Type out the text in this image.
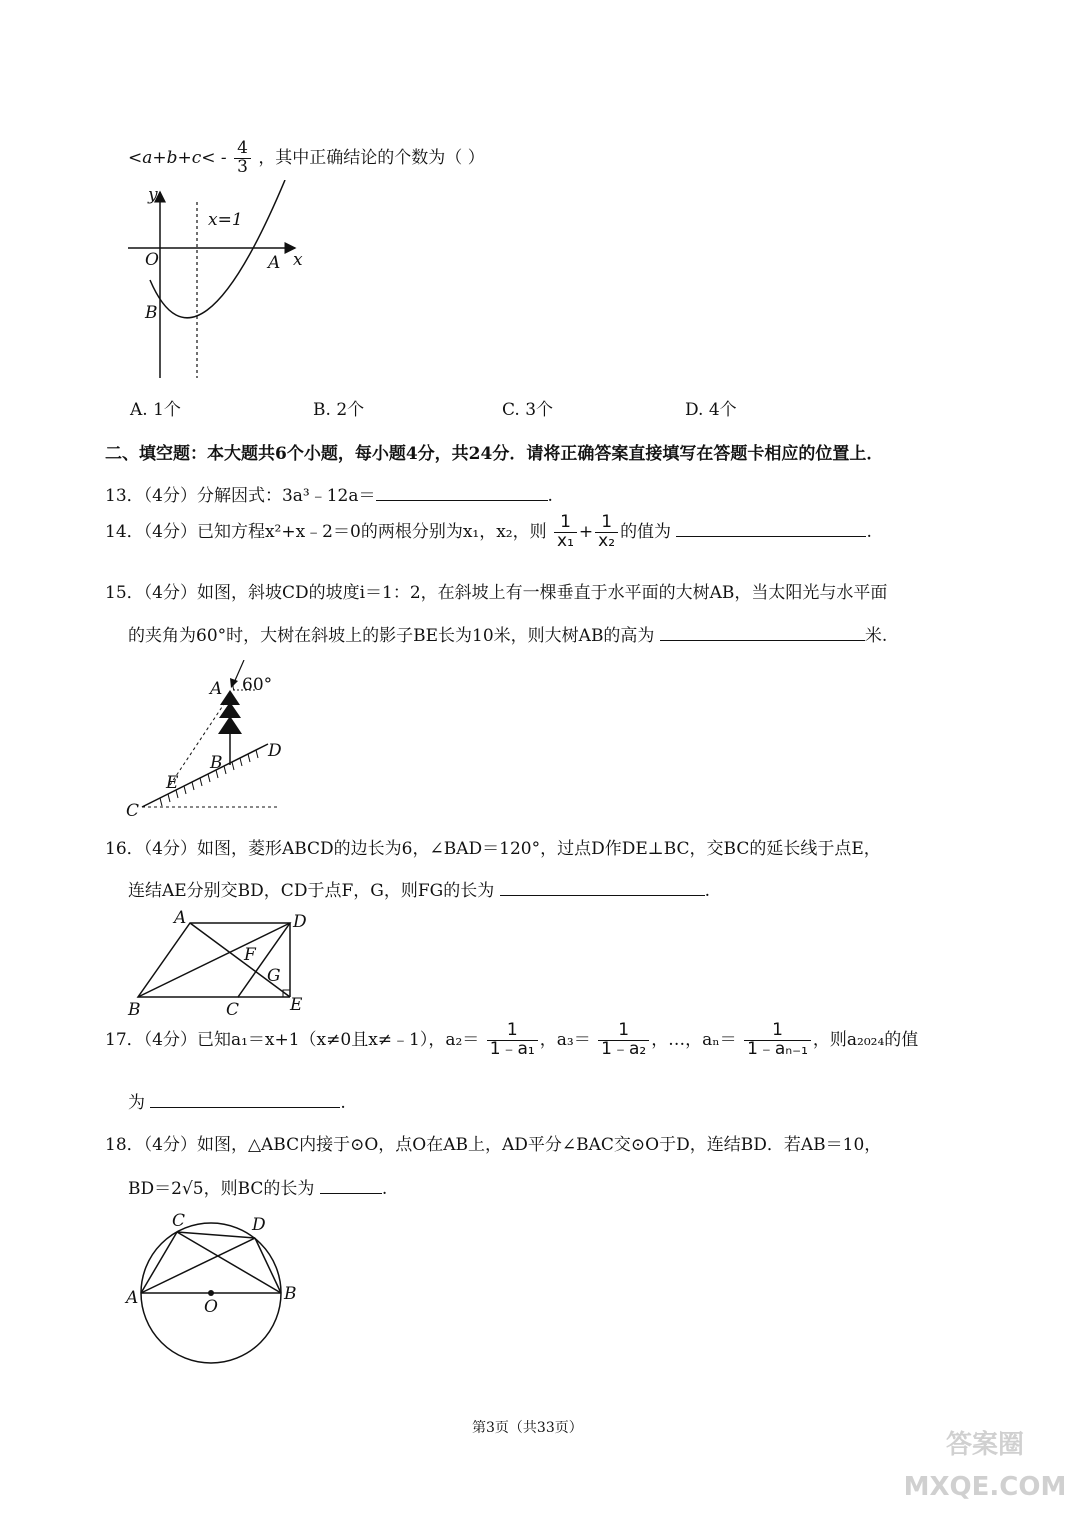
$<a+b+c< - \frac{4}{3}$ ，其中正确结论的个数为（ ）
y
x
O	A
B
x=1
A. 1个	B. 2个	C. 3个	D. 4个
二、填空题：本大题共6个小题，每小题4分，共24分．请将正确答案直接填写在答题卡相应的位置上．
13．（4分）分解因式：3a³﹣12a＝	.
14．（4分）已知方程x²+x﹣2＝0的两根分别为x₁，x₂，则 $\frac{1}{\text{x₁}} + \frac{1}{\text{x₂}}$ 的值为	.
15．（4分）如图，斜坡CD的坡度i＝1：2，在斜坡上有一棵垂直于水平面的大树AB，当太阳光与水平面
的夹角为60°时，大树在斜坡上的影子BE长为10米，则大树AB的高为	米.
A 60°
B
D
E
C
16．（4分）如图，菱形ABCD的边长为6，∠BAD＝120°，过点D作DE⊥BC，交BC的延长线于点E，
连结AE分别交BD，CD于点F，G，则FG的长为	.
A	D
F
G
B	C	E
17．（4分）已知a₁＝x+1（x≠0且x≠﹣1），$a_2= \frac{1}{\text{1﹣a₁}}$ ，$a_3= \frac{1}{\text{1﹣a₂}}$ ，…，$a_n= \frac{1}{\text{1﹣aₙ₋₁}}$ ，则a₂₀₂₄的值
为	.
18．（4分）如图，△ABC内接于⊙O，点O在AB上，AD平分∠BAC交⊙O于D，连结BD．若AB＝10，
BD＝2√5，则BC的长为	.
C	D
A	B
O
第3页（共33页）
答案圈 MXQE.COM
